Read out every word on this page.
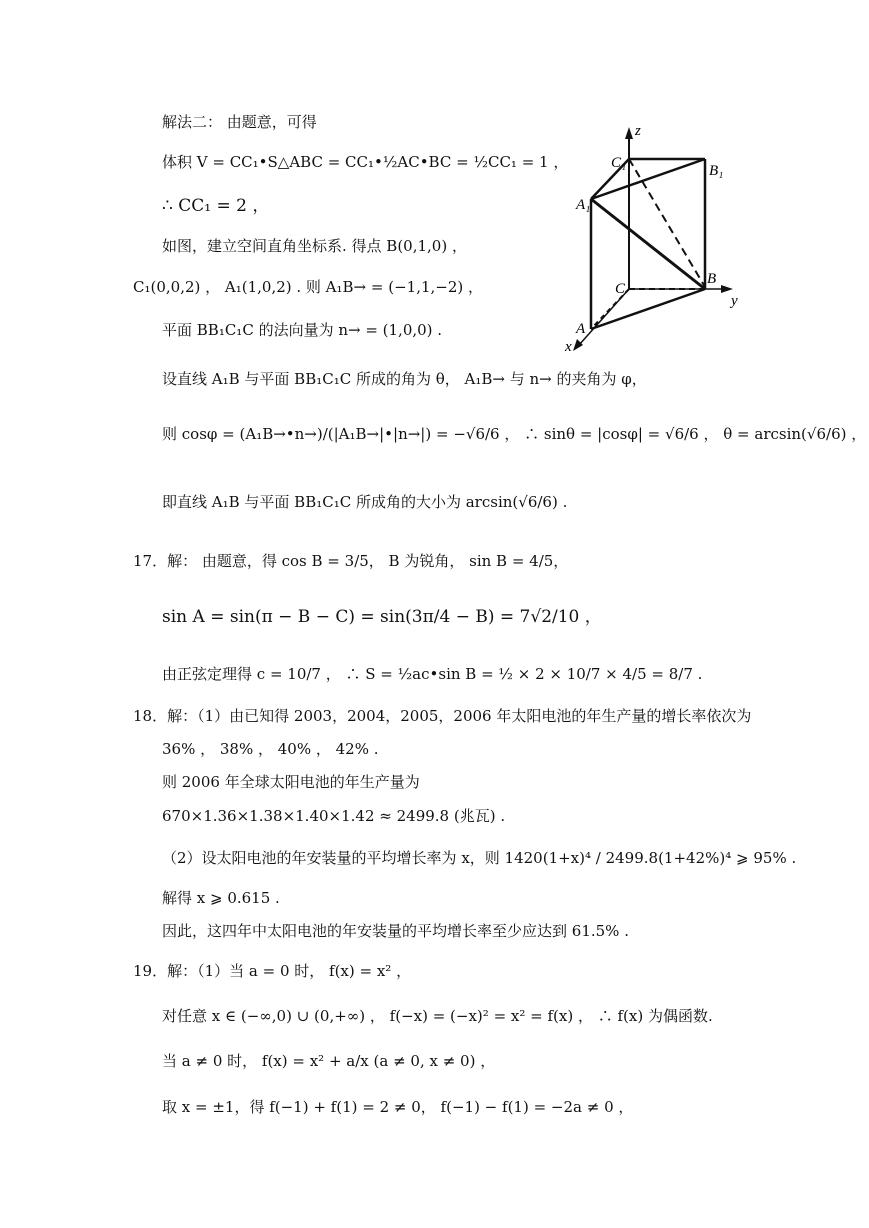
z
C₁	B₁
A₁
B
C
y
A
x
解法二： 由题意，可得
体积 V = CC₁•S△ABC = CC₁•½AC•BC = ½CC₁ = 1 ，
∴ CC₁ = 2 ，
如图，建立空间直角坐标系. 得点 B(0,1,0) ，
C₁(0,0,2) ， A₁(1,0,2) . 则 A₁B→ = (−1,1,−2) ，
平面 BB₁C₁C 的法向量为 n→ = (1,0,0) .
设直线 A₁B 与平面 BB₁C₁C 所成的角为 θ， A₁B→ 与 n→ 的夹角为 φ，
则 cosφ = (A₁B→•n→)/(|A₁B→|•|n→|) = −√6/6 ， ∴ sinθ = |cosφ| = √6/6 ， θ = arcsin(√6/6) ，
即直线 A₁B 与平面 BB₁C₁C 所成角的大小为 arcsin(√6/6) .
17．解： 由题意，得 cos B = 3/5， B 为锐角， sin B = 4/5，
sin A = sin(π − B − C) = sin(3π/4 − B) = 7√2/10 ，
由正弦定理得 c = 10/7 ， ∴ S = ½ac•sin B = ½ × 2 × 10/7 × 4/5 = 8/7 .
18．解：（1）由已知得 2003，2004，2005，2006 年太阳电池的年生产量的增长率依次为
36% ， 38% ， 40% ， 42% .
则 2006 年全球太阳电池的年生产量为
670×1.36×1.38×1.40×1.42 ≈ 2499.8 (兆瓦) .
（2）设太阳电池的年安装量的平均增长率为 x，则 1420(1+x)⁴ / 2499.8(1+42%)⁴ ⩾ 95% .
解得 x ⩾ 0.615 .
因此，这四年中太阳电池的年安装量的平均增长率至少应达到 61.5% .
19．解：（1）当 a = 0 时， f(x) = x² ，
对任意 x ∈ (−∞,0) ∪ (0,+∞) ， f(−x) = (−x)² = x² = f(x) ， ∴ f(x) 为偶函数.
当 a ≠ 0 时， f(x) = x² + a/x (a ≠ 0, x ≠ 0) ，
取 x = ±1，得 f(−1) + f(1) = 2 ≠ 0， f(−1) − f(1) = −2a ≠ 0 ，
